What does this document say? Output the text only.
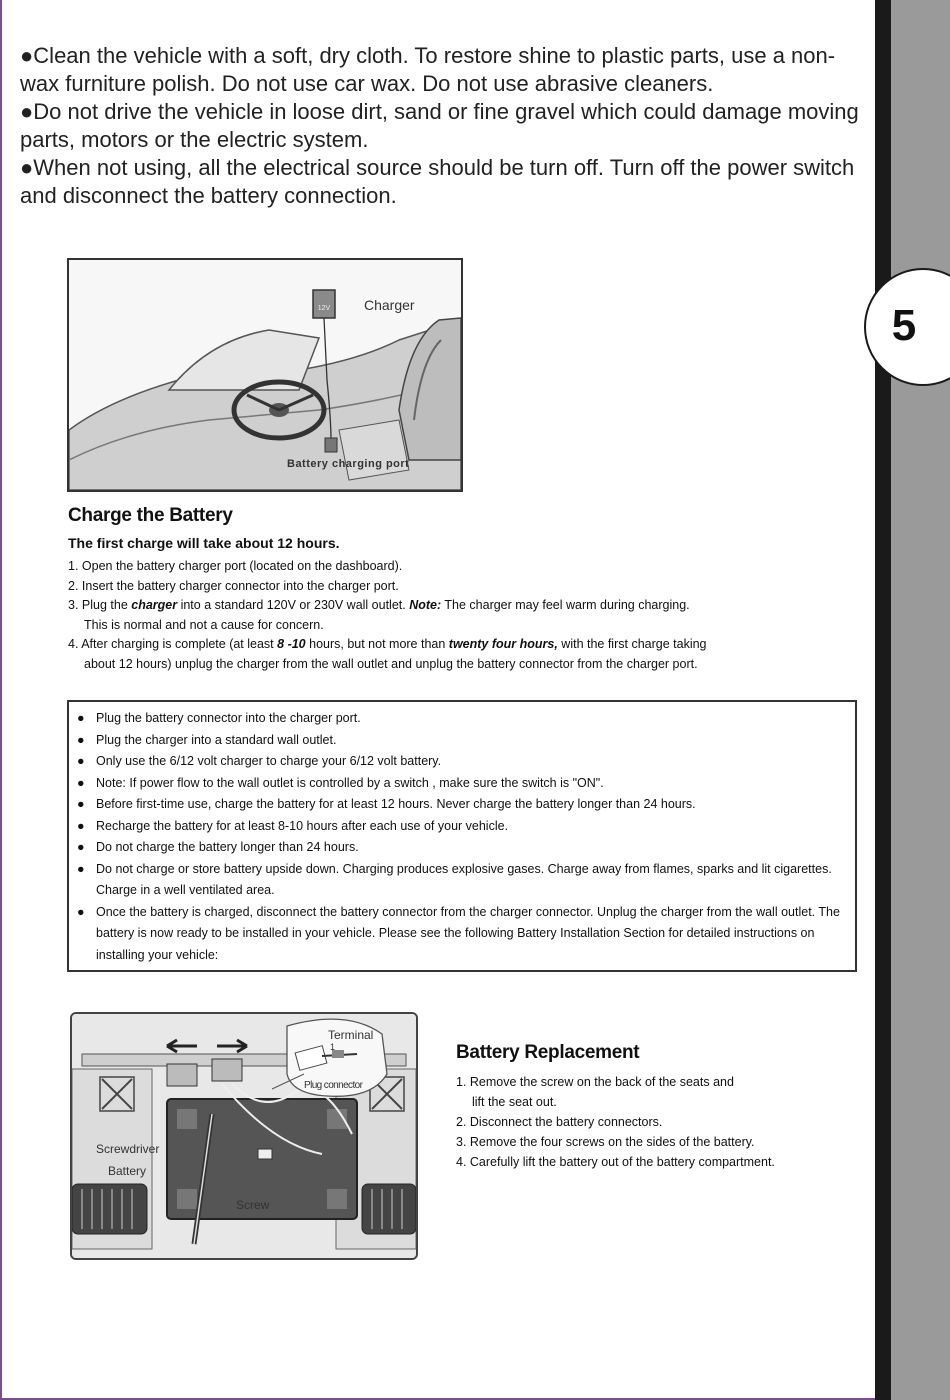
5

●Clean the vehicle with a soft, dry cloth. To restore shine to plastic parts, use a non-wax furniture polish. Do not use car wax. Do not use abrasive cleaners.

●Do not drive the vehicle in loose dirt, sand or fine gravel which could damage moving parts, motors or the electric system.

●When not using, all the electrical source should be turn off. Turn off the power switch and disconnect the battery connection.

12V Charger
Battery charging port
Charge the Battery
The first charge will take about 12 hours.
1. Open the battery charger port (located on the dashboard).
2. Insert the battery charger connector into the charger port.
3. Plug the charger into a standard 120V or 230V wall outlet. Note: The charger may feel warm during charging.
This is normal and not a cause for concern.
4. After charging is complete (at least 8 -10 hours, but not more than twenty four hours, with the first charge taking
about 12 hours) unplug the charger from the wall outlet and unplug the battery connector from the charger port.
● Plug the battery connector into the charger port.
● Plug the charger into a standard wall outlet.
● Only use the 6/12 volt charger to charge your 6/12 volt battery.
● Note: If power flow to the wall outlet is controlled by a switch , make sure the switch is "ON".
● Before first-time use, charge the battery for at least 12 hours. Never charge the battery longer than 24 hours.
● Recharge the battery for at least 8-10 hours after each use of your vehicle.
● Do not charge the battery longer than 24 hours.
● Do not charge or store battery upside down. Charging produces explosive gases. Charge away from flames, sparks and lit cigarettes. Charge in a well ventilated area.
● Once the battery is charged, disconnect the battery connector from the charger connector. Unplug the charger from the wall outlet. The battery is now ready to be installed in your vehicle. Please see the following Battery Installation Section for detailed instructions on installing your vehicle:
Terminal
1
Plug connector
Screwdriver
Battery
Screw
Battery Replacement
1. Remove the screw on the back of the seats and
lift the seat out.
2. Disconnect the battery connectors.
3. Remove the four screws on the sides of the battery.
4. Carefully lift the battery out of the battery compartment.
